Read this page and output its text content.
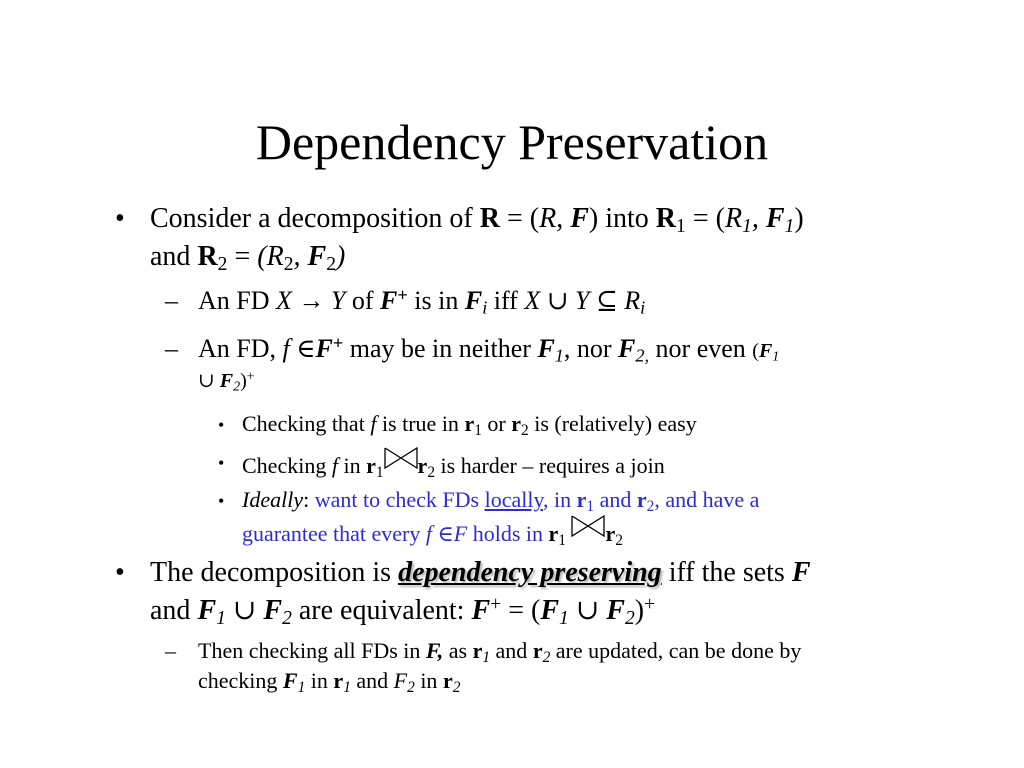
Dependency Preservation
• Consider a decomposition of R = (R, F) into $R_1 = (R_1$, $F_1$)
and $R_2 = (R_2$, $F_2$)
– An FD X → Y of F+ is in $F_i$ iff X ∪ Y ⊆ $R_i$
– An FD, f ∈F+ may be in neither $F_1$, nor $F_{2,}$ nor even ($F_1$
∪ $F_2)^+$
• Checking that f is true in $r_1$ or $r_2$ is (relatively) easy
• Checking f in $r_1$ $r_2$ is harder – requires a join
• Ideally: want to check FDs locally, in $r_1$ and $r_2$, and have a
guarantee that every f ∈F holds in $r_1$ $r_2$
• The decomposition is dependency preserving iff the sets F
and $F_1$ ∪ $F_2$ are equivalent: $F^+ = (F_1$ ∪ $F_2)^+$
– Then checking all FDs in F, as $r_1$ and $r_2$ are updated, can be done by
checking $F_1$ in $r_1$ and $F_2$ in $r_2$
